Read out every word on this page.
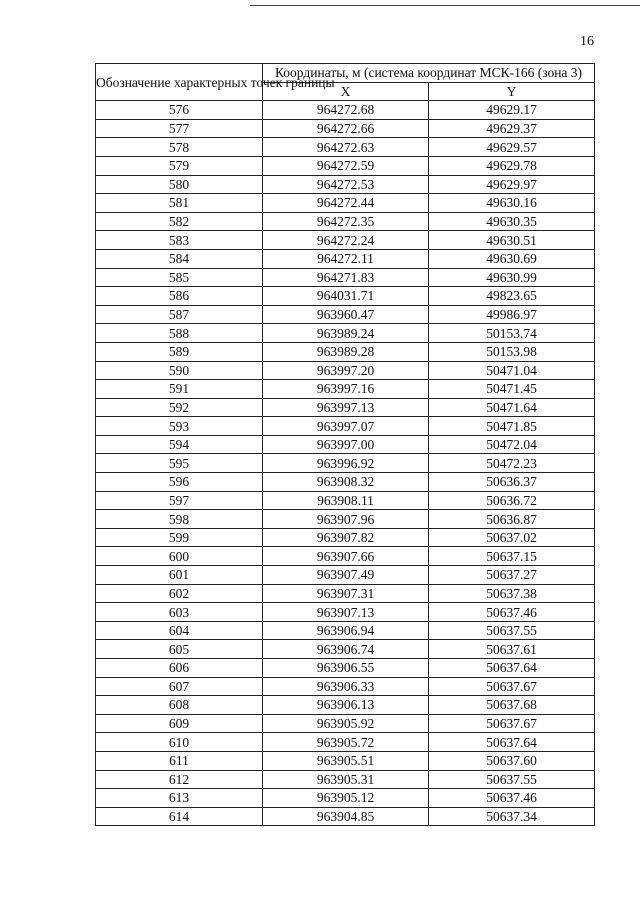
16
Обозначение характерных точек границы	Координаты, м (система координат МСК-166 (зона 3)	
	X	Y
576	964272.68	49629.17
577	964272.66	49629.37
578	964272.63	49629.57
579	964272.59	49629.78
580	964272.53	49629.97
581	964272.44	49630.16
582	964272.35	49630.35
583	964272.24	49630.51
584	964272.11	49630.69
585	964271.83	49630.99
586	964031.71	49823.65
587	963960.47	49986.97
588	963989.24	50153.74
589	963989.28	50153.98
590	963997.20	50471.04
591	963997.16	50471.45
592	963997.13	50471.64
593	963997.07	50471.85
594	963997.00	50472.04
595	963996.92	50472.23
596	963908.32	50636.37
597	963908.11	50636.72
598	963907.96	50636.87
599	963907.82	50637.02
600	963907.66	50637.15
601	963907.49	50637.27
602	963907.31	50637.38
603	963907.13	50637.46
604	963906.94	50637.55
605	963906.74	50637.61
606	963906.55	50637.64
607	963906.33	50637.67
608	963906.13	50637.68
609	963905.92	50637.67
610	963905.72	50637.64
611	963905.51	50637.60
612	963905.31	50637.55
613	963905.12	50637.46
614	963904.85	50637.34
